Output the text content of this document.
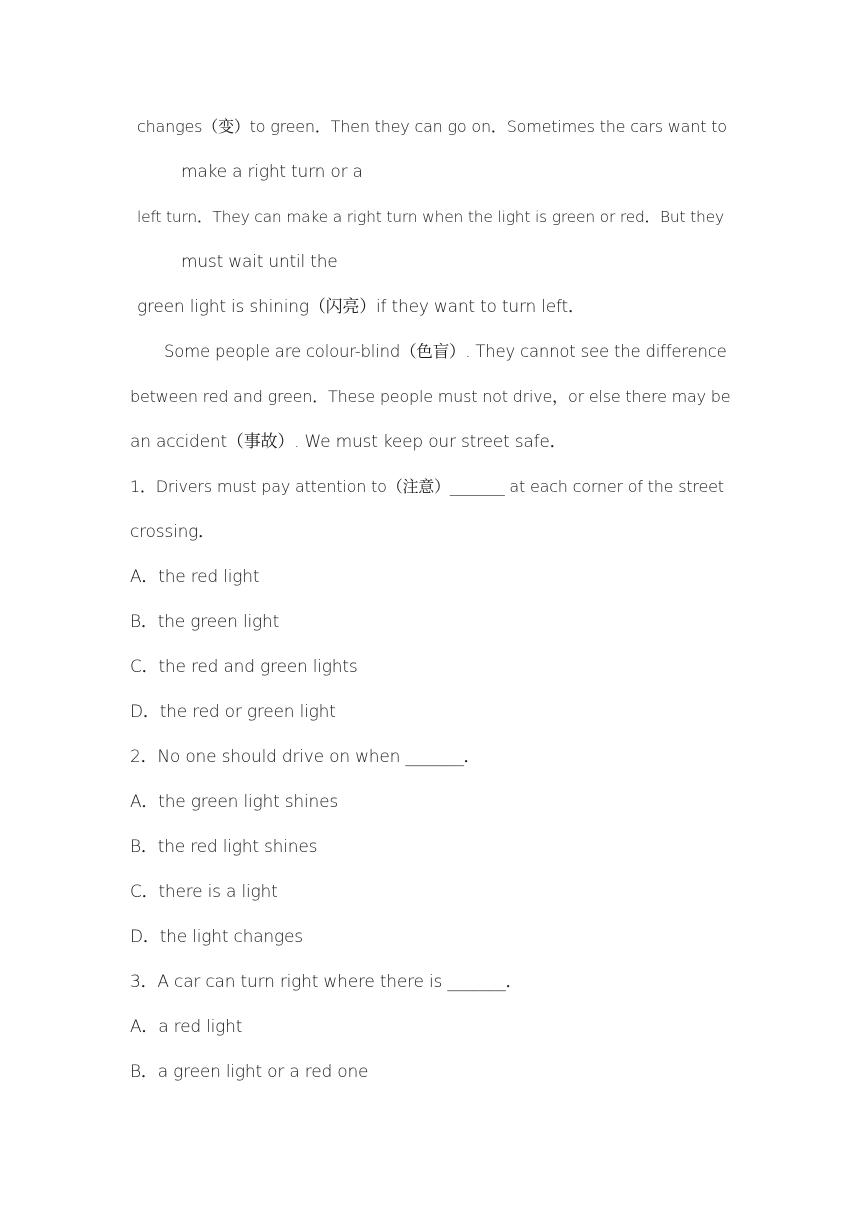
changes（变）to green．Then they can go on．Sometimes the cars want to
make a right turn or a
left turn．They can make a right turn when the light is green or red．But they
must wait until the
green light is shining（闪亮）if they want to turn left．
Some people are colour-blind（色盲）. They cannot see the difference
between red and green．These people must not drive，or else there may be
an accident（事故）. We must keep our street safe．
1．Drivers must pay attention to（注意）_______ at each corner of the street
crossing．
A．the red light
B．the green light
C．the red and green lights
D．the red or green light
2．No one should drive on when _______．
A．the green light shines
B．the red light shines
C．there is a light
D．the light changes
3．A car can turn right where there is _______．
A．a red light
B．a green light or a red one
